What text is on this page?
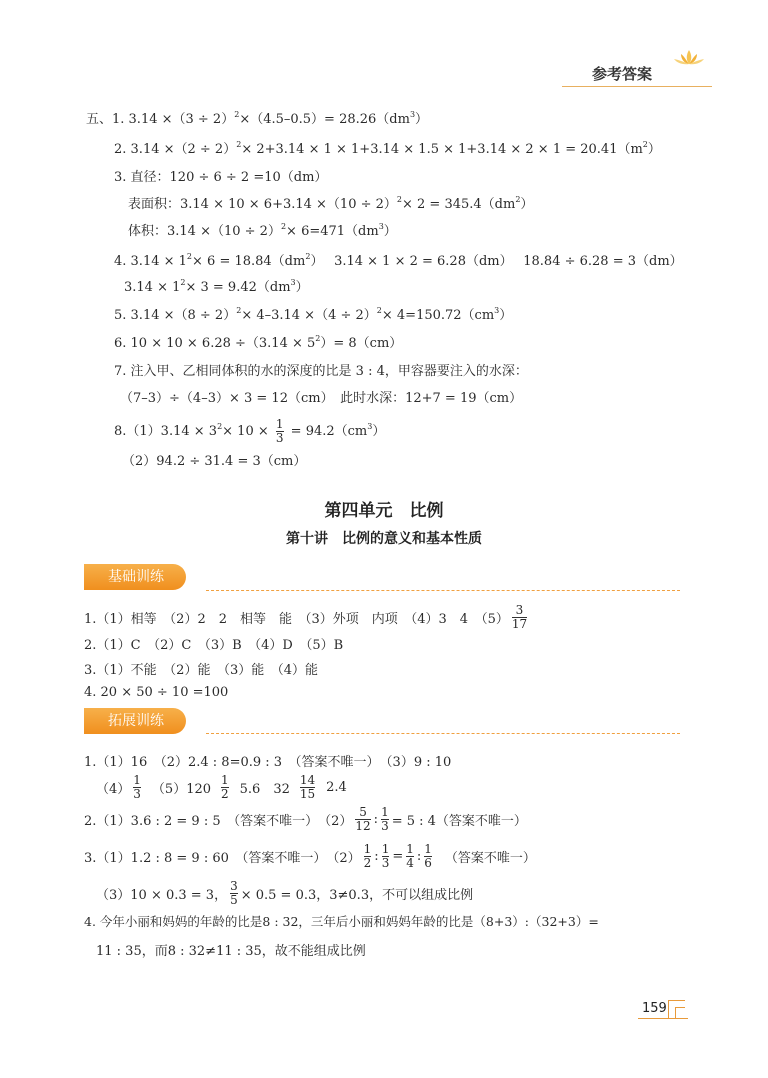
参考答案
五、1. $3.14 \times(3 \div 2)^2\times(4.5-0.5)= 28.26(dm^3)$
2. $3.14 \times(2 \div 2)^2\times 2+3.14 \times 1 \times 1+3.14 \times 1.5 \times 1+3.14 \times 2 \times 1 = 20.41(m^2)$
3. 直径：120 ÷ 6 ÷ 2 =10（dm）
表面积：$3.14 \times 10 \times 6+3.14 \times(10 \div 2)^2\times 2 = 345.4(dm^2)$
体积：$3.14 \times(10 \div 2)^2\times 6=471(dm^3)$
4. $3.14 \times 1^2\times 6 = 18.84(dm^2)$　 3.14 × 1 × 2 = 6.28（dm）　 18.84 ÷ 6.28 = 3（dm）
$3.14 \times 1^2\times 3 = 9.42(dm^3)$
5. $3.14 \times(8 \div 2)^2\times 4-3.14 \times(4 \div 2)^2\times 4=150.72(cm^3)$
6. $10 \times 10 \times 6.28 \div(3.14 \times 5^2)= 8(cm)$
7. 注入甲、乙相同体积的水的深度的比是 3 : 4，甲容器要注入的水深：
（7–3）÷（4–3）× 3 = 12（cm）　此时水深：12+7 = 19（cm）
$8.(1)3.14 \times 3^2\times 10 \times \frac{1}{3} = 94.2(cm^3)$
（2）94.2 ÷ 31.4 = 3（cm）
第四单元　比例
第十讲　比例的意义和基本性质
基础训练
1.（1）相等　（2）2　2　相等　能　（3）外项　内项　（4）3　4　$(5) \frac{3}{17}$
2.（1）C　（2）C　（3）B　（4）D　（5）B
3.（1）不能　（2）能　（3）能　（4）能
4. 20 × 50 ÷ 10 =100
拓展训练
1.（1）16　（2）2.4 : 8=0.9 : 3　（答案不唯一）　（3）9 : 10
$(4) \frac{1}{3} (5)120 \frac{1}{2} 5.6$　$32 \frac{14}{15} 2.4$
2.（1）3.6 : 2 = 9 : 5　（答案不唯一）　$(2) \frac{5}{12}$ : $\frac{1}{3} = 5$ : 4（答案不唯一）
3.（1）1.2 : 8 = 9 : 60　（答案不唯一）　$(2) \frac{1}{2}$ : $\frac{1}{3} = \frac{1}{4}$ : $\frac{1}{6}$ （答案不唯一）
（3）10 × 0.3 = 3， $\frac{3}{5} \times 0.5 = 0.3$，3≠0.3，不可以组成比例
4. 今年小丽和妈妈的年龄的比是8 : 32，三年后小丽和妈妈年龄的比是（8+3）:（32+3）=
11 : 35，而8 : 32≠11 : 35，故不能组成比例
159
